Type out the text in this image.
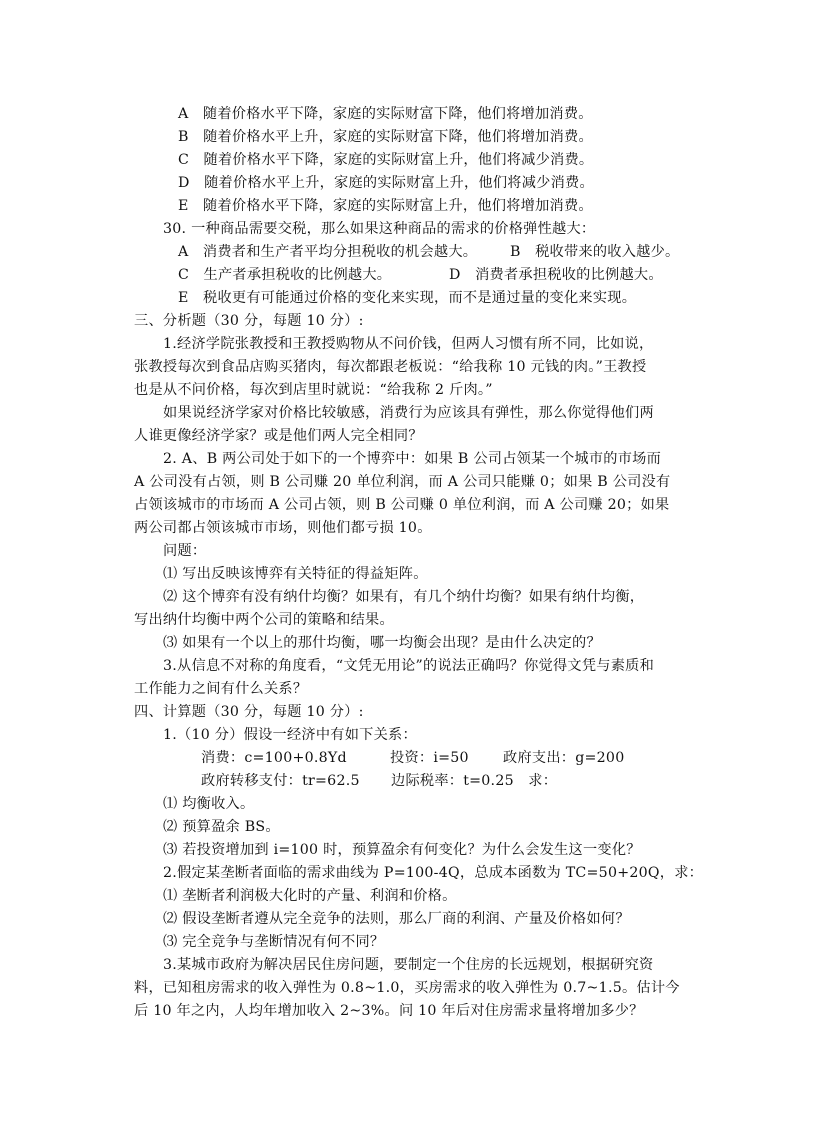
A　随着价格水平下降，家庭的实际财富下降，他们将增加消费。
B　随着价格水平上升，家庭的实际财富下降，他们将增加消费。
C　随着价格水平下降，家庭的实际财富上升，他们将减少消费。
D　随着价格水平上升，家庭的实际财富上升，他们将减少消费。
E　随着价格水平下降，家庭的实际财富上升，他们将增加消费。
30. 一种商品需要交税，那么如果这种商品的需求的价格弹性越大：
A　消费者和生产者平均分担税收的机会越大。 B　税收带来的收入越少。
C　生产者承担税收的比例越大。	D　消费者承担税收的比例越大。
E　税收更有可能通过价格的变化来实现，而不是通过量的变化来实现。
三、分析题（30 分，每题 10 分）:
1.经济学院张教授和王教授购物从不问价钱，但两人习惯有所不同，比如说，
张教授每次到食品店购买猪肉，每次都跟老板说：“给我称 10 元钱的肉。”王教授
也是从不问价格，每次到店里时就说：“给我称 2 斤肉。”
如果说经济学家对价格比较敏感，消费行为应该具有弹性，那么你觉得他们两
人谁更像经济学家？或是他们两人完全相同？
2. A、B 两公司处于如下的一个博弈中：如果 B 公司占领某一个城市的市场而
A 公司没有占领，则 B 公司赚 20 单位利润，而 A 公司只能赚 0；如果 B 公司没有
占领该城市的市场而 A 公司占领，则 B 公司赚 0 单位利润，而 A 公司赚 20；如果
两公司都占领该城市市场，则他们都亏损 10。
问题：
⑴ 写出反映该博弈有关特征的得益矩阵。
⑵ 这个博弈有没有纳什均衡？如果有，有几个纳什均衡？如果有纳什均衡，
写出纳什均衡中两个公司的策略和结果。
⑶ 如果有一个以上的那什均衡，哪一均衡会出现？是由什么决定的？
3.从信息不对称的角度看，“文凭无用论”的说法正确吗？你觉得文凭与素质和
工作能力之间有什么关系？
四、计算题（30 分，每题 10 分）:
1.（10 分）假设一经济中有如下关系：
消费：c=100+0.8Yd	投资：i=50 政府支出：g=200
政府转移支付：tr=62.5 边际税率：t=0.25　求：
⑴ 均衡收入。
⑵ 预算盈余 BS。
⑶ 若投资增加到 i=100 时，预算盈余有何变化？为什么会发生这一变化？
2.假定某垄断者面临的需求曲线为 P=100-4Q，总成本函数为 TC=50+20Q，求：
⑴ 垄断者利润极大化时的产量、利润和价格。
⑵ 假设垄断者遵从完全竞争的法则，那么厂商的利润、产量及价格如何？
⑶ 完全竞争与垄断情况有何不同？
3.某城市政府为解决居民住房问题，要制定一个住房的长远规划，根据研究资
料，已知租房需求的收入弹性为 0.8~1.0，买房需求的收入弹性为 0.7~1.5。估计今
后 10 年之内，人均年增加收入 2~3%。问 10 年后对住房需求量将增加多少？
